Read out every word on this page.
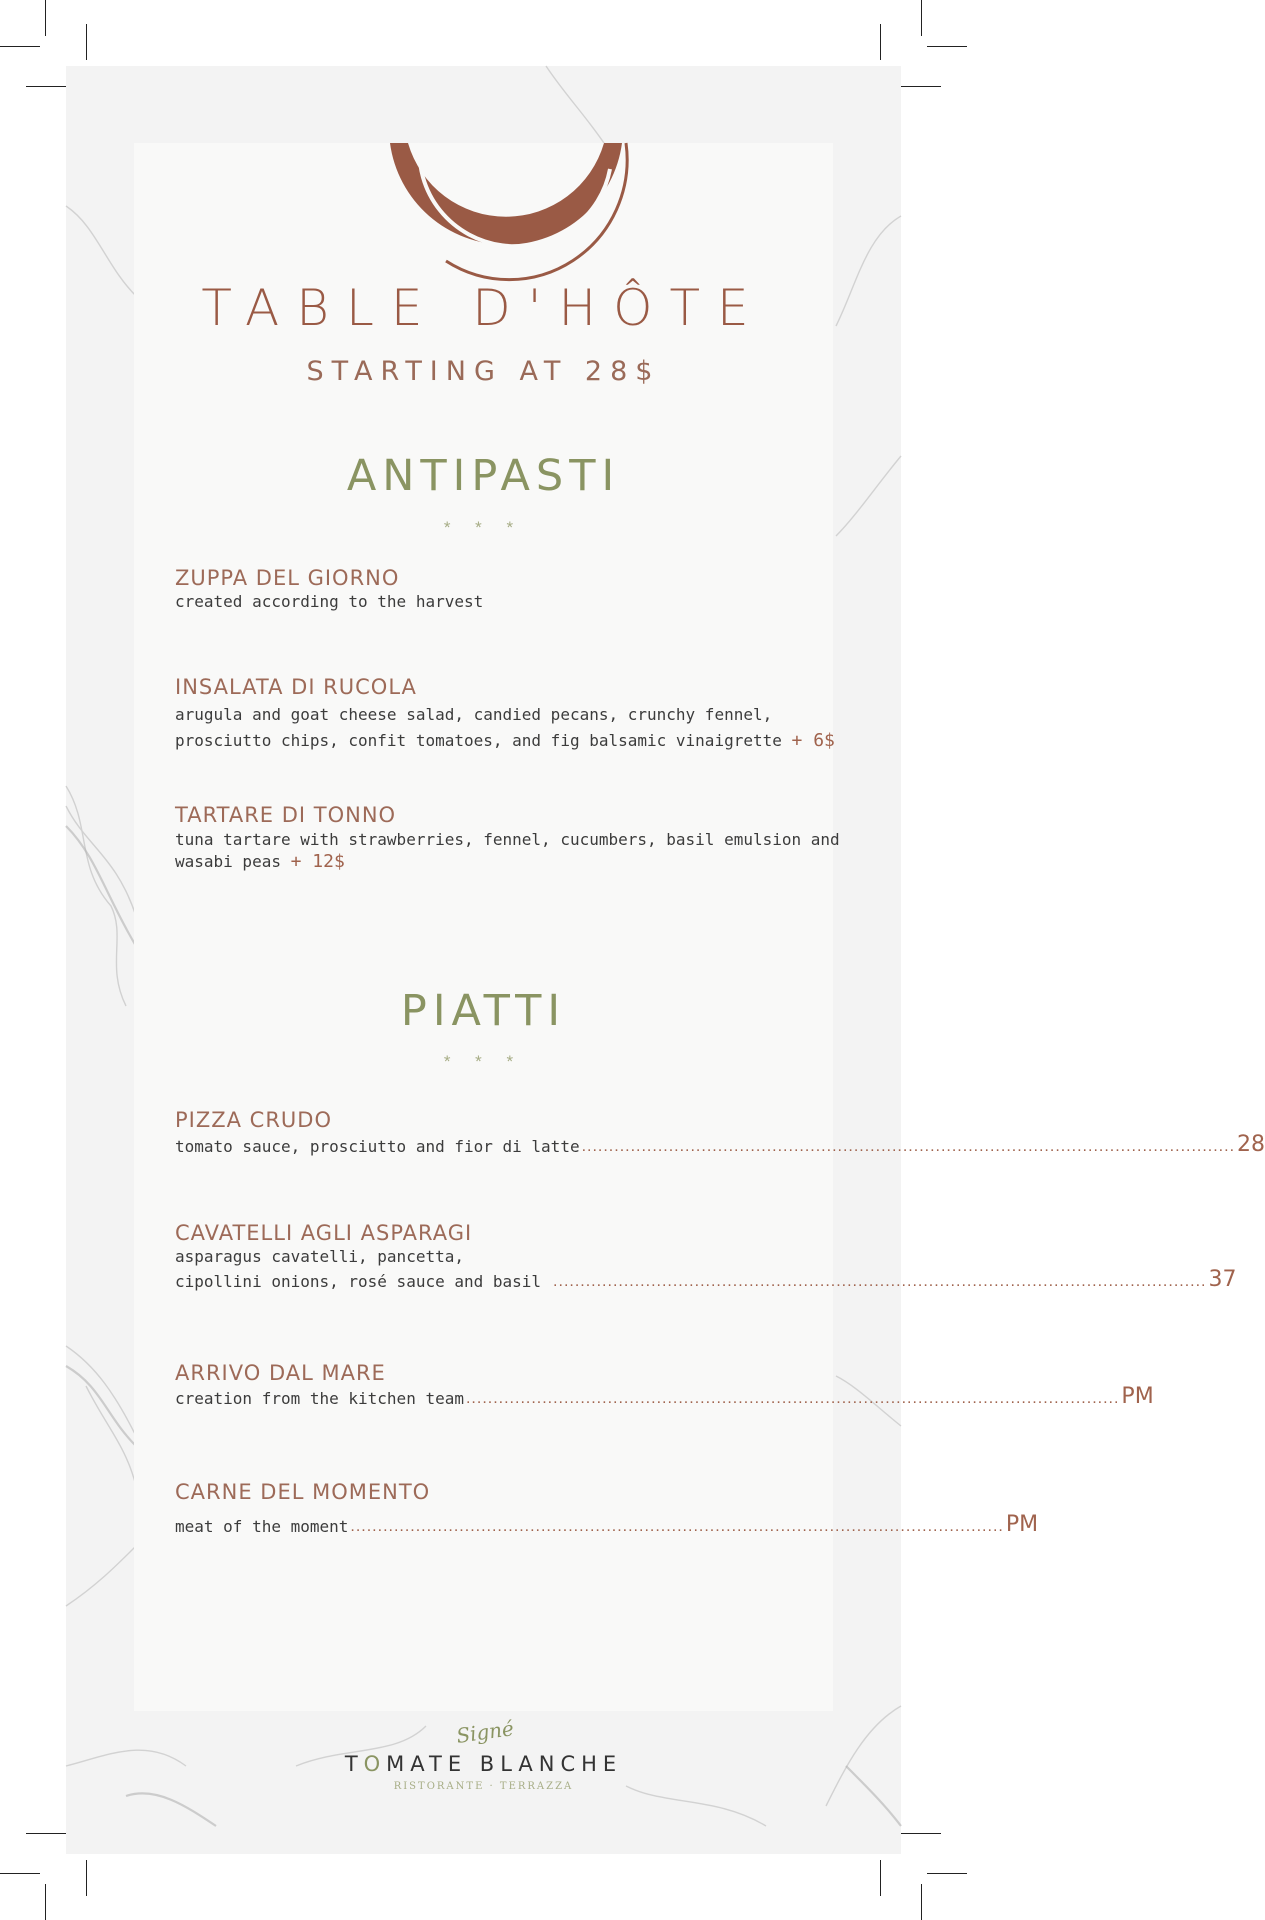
TABLE D'HÔTE
STARTING AT 28$
ANTIPASTI
* * *
ZUPPA DEL GIORNO
created according to the harvest
INSALATA DI RUCOLA
arugula and goat cheese salad, candied pecans, crunchy fennel,
prosciutto chips, confit tomatoes, and fig balsamic vinaigrette + 6$
TARTARE DI TONNO
tuna tartare with strawberries, fennel, cucumbers, basil emulsion and
wasabi peas + 12$
PIATTI
* * *
PIZZA CRUDO
tomato sauce, prosciutto and fior di latte ........................................................................................................................ 28
CAVATELLI AGLI ASPARAGI
asparagus cavatelli, pancetta,
cipollini onions, rosé sauce and basil ........................................................................................................................ 37
ARRIVO DAL MARE
creation from the kitchen team ........................................................................................................................ PM
CARNE DEL MOMENTO
meat of the moment ........................................................................................................................ PM
Signé
TOMATE BLANCHE
RISTORANTE · TERRAZZA
